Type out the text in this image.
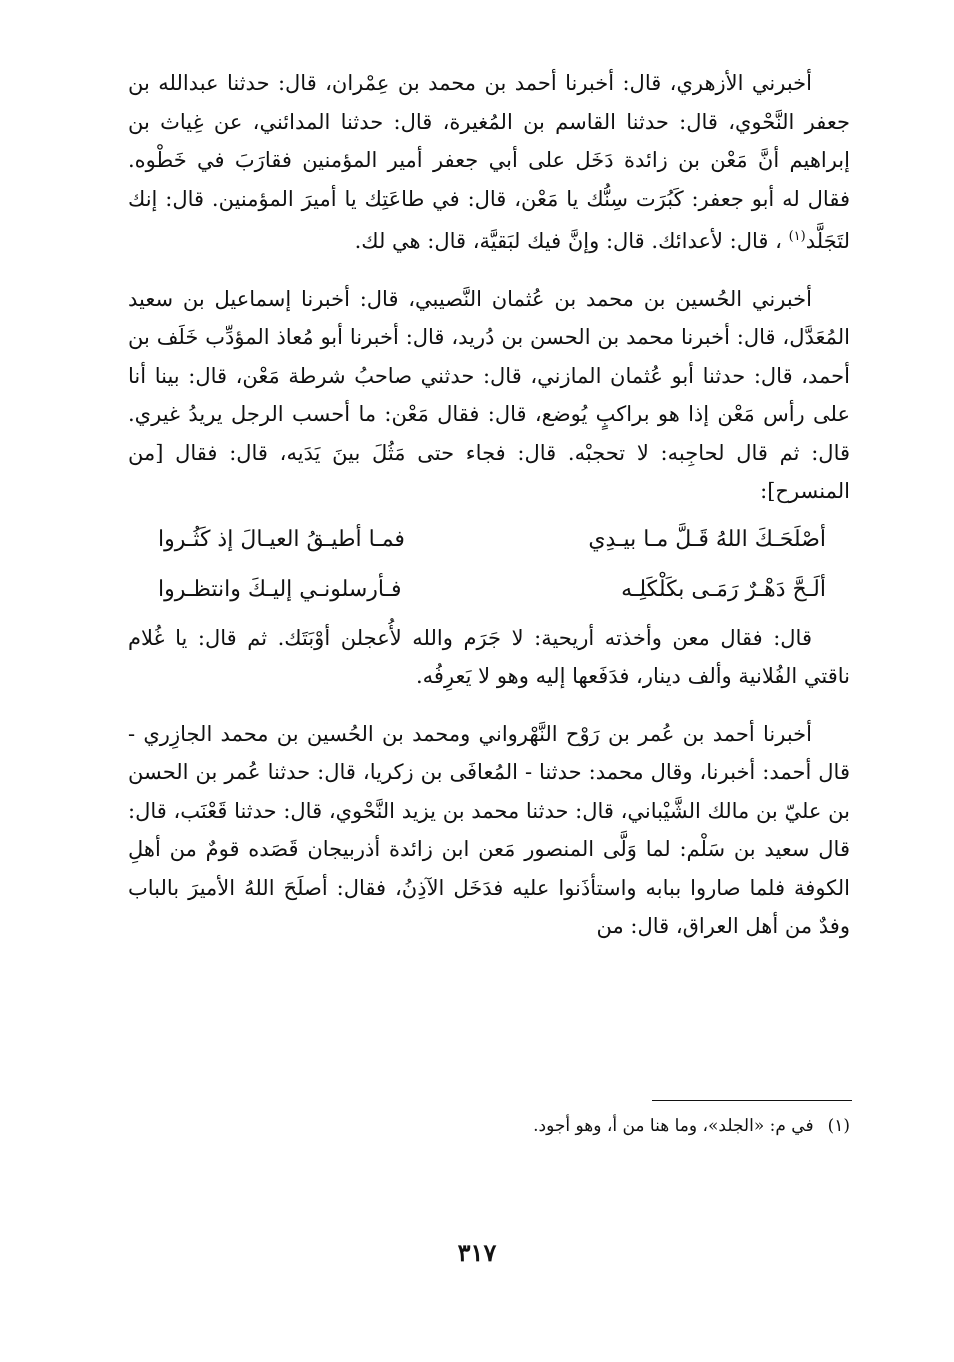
أخبرني الأزهري، قال: أخبرنا أحمد بن محمد بن عِمْران، قال: حدثنا عبدالله بن جعفر النَّحْوي، قال: حدثنا القاسم بن المُغيرة، قال: حدثنا المدائني، عن غِياث بن إبراهيم أنَّ مَعْن بن زائدة دَخَل على أبي جعفر أمير المؤمنين فقارَبَ في خَطْوه. فقال له أبو جعفر: كَبُرَت سِنُّك يا مَعْن، قال: في طاعَتِك يا أميرَ المؤمنين. قال: إنك لتَجَلَّد$^{(١)}$ ، قال: لأعدائك. قال: وإنَّ فيك لبَقيَّة، قال: هي لك.

أخبرني الحُسين بن محمد بن عُثمان النَّصيبي، قال: أخبرنا إسماعيل بن سعيد المُعَدَّل، قال: أخبرنا محمد بن الحسن بن دُريد، قال: أخبرنا أبو مُعاذ المؤدِّب خَلَف بن أحمد، قال: حدثنا أبو عُثمان المازني، قال: حدثني صاحبُ شرطة مَعْن، قال: بينا أنا على رأس مَعْن إذا هو براكبٍ يُوضع، قال: فقال مَعْن: ما أحسب الرجل يريدُ غيري. قال: ثم قال لحاجِبه: لا تحجبْه. قال: فجاء حتى مَثُلَ بينَ يَدَيه، قال: فقال [من المنسرح]:

أصْلَحَـكَ اللهُ قَـلَّ مـا بيـدِي
فمـا أطيـقُ العيـالَ إذ كَثُـروا
ألَـحَّ دَهْـرٌ رَمَـى بكَلْكَلِـه
فـأرسلونـي إليـكَ وانتظـروا

قال: فقال معن وأخذته أريحية: لا جَرَم والله لأُعجلن أوْبَتَك. ثم قال: يا غُلام ناقتي الفُلانية وألف دينار، فدَفَعها إليه وهو لا يَعرِفُه.

أخبرنا أحمد بن عُمر بن رَوْح النَّهْرواني ومحمد بن الحُسين بن محمد الجازِري - قال أحمد: أخبرنا، وقال محمد: حدثنا - المُعافَى بن زكريا، قال: حدثنا عُمر بن الحسن بن عليّ بن مالك الشَّيْباني، قال: حدثنا محمد بن يزيد النَّحْوي، قال: حدثنا قَعْنَب، قال: قال سعيد بن سَلْم: لما وَلَّى المنصور مَعن ابن زائدة أذربيجان قَصَده قومٌ من أهلِ الكوفة فلما صاروا ببابه واستأذَنوا عليه فدَخَل الآذِنُ، فقال: أصلَحَ اللهُ الأميرَ بالباب وفدٌ من أهل العراق، قال: من

(١)في م: «الجلد»، وما هنا من أ، وهو أجود.
٣١٧
